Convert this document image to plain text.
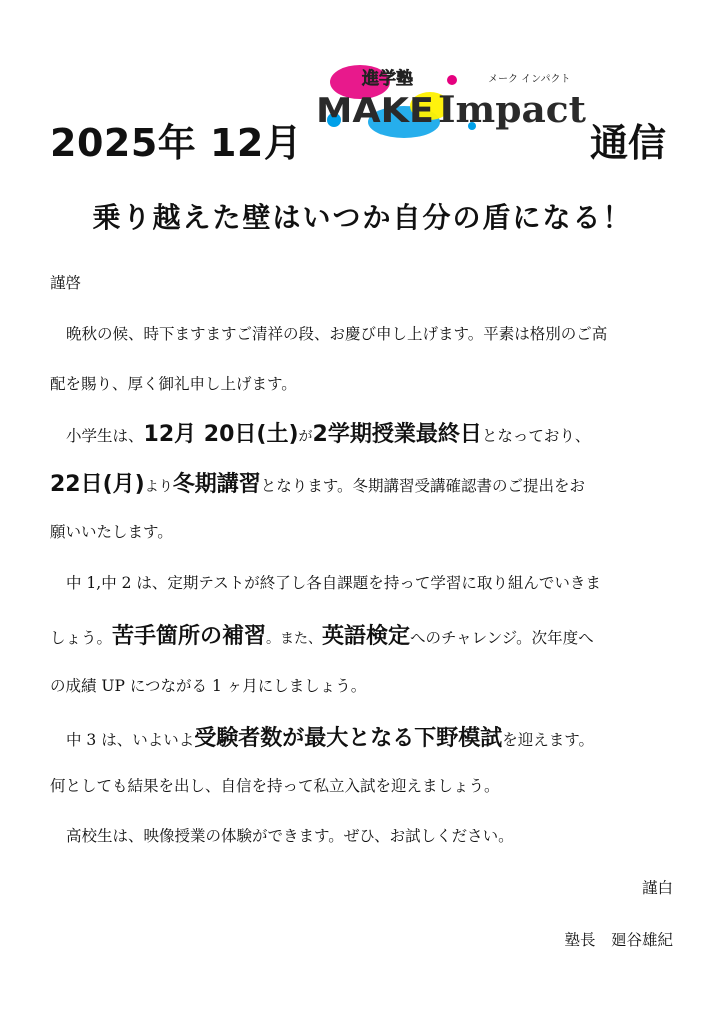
2025年 12月
進学塾
MAKE Impact
メーク インパクト
通信
乗り越えた壁はいつか自分の盾になる！
謹啓
晩秋の候、時下ますますご清祥の段、お慶び申し上げます。平素は格別のご高
配を賜り、厚く御礼申し上げます。
小学生は、12月 20日(土)が2学期授業最終日となっており、
22日(月)より冬期講習となります。冬期講習受講確認書のご提出をお
願いいたします。
中 1,中 2 は、定期テストが終了し各自課題を持って学習に取り組んでいきま
しょう。苦手箇所の補習。また、英語検定へのチャレンジ。次年度へ
の成績 UP につながる 1 ヶ月にしましょう。
中 3 は、いよいよ受験者数が最大となる下野模試を迎えます。
何としても結果を出し、自信を持って私立入試を迎えましょう。
高校生は、映像授業の体験ができます。ぜひ、お試しください。
謹白
塾長　廻谷雄紀
